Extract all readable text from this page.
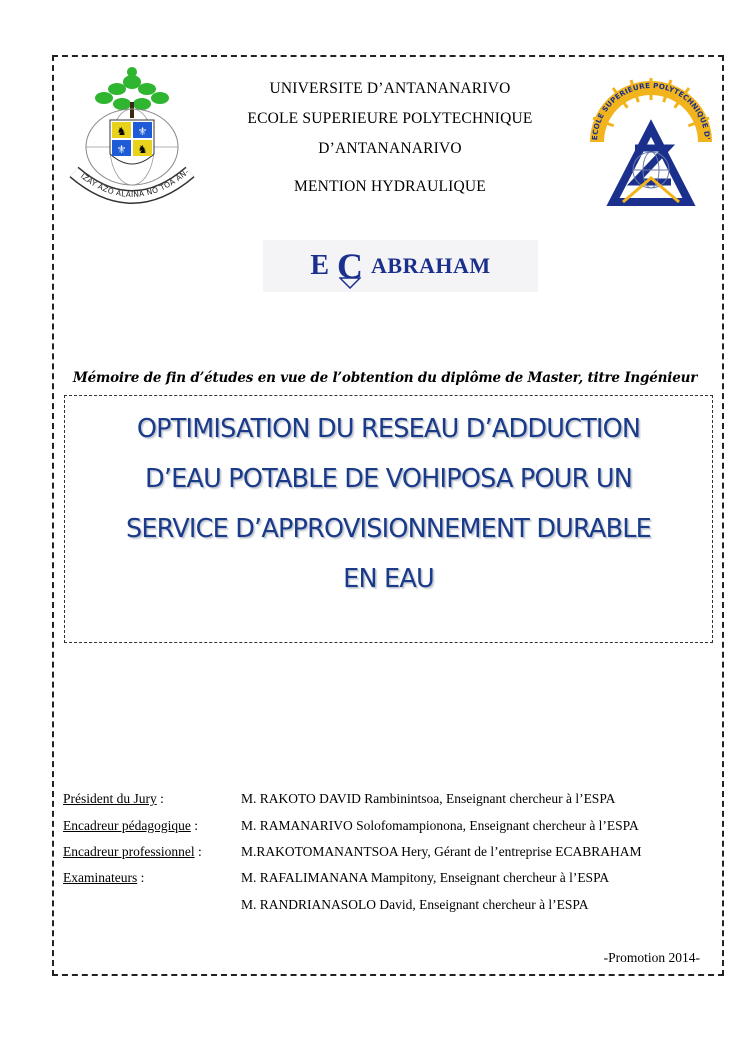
♞ ⚜
⚜ ♞
IZAY AZO ALAINA NO TOA AN-
ECOLE SUPERIEURE POLYTECHNIQUE D'
UNIVERSITE D’ANTANANARIVO
ECOLE SUPERIEURE POLYTECHNIQUE
D’ANTANANARIVO
MENTION HYDRAULIQUE
E C ABRAHAM
Mémoire de fin d’études en vue de l’obtention du diplôme de Master, titre Ingénieur
OPTIMISATION DU RESEAU D’ADDUCTION
D’EAU POTABLE DE VOHIPOSA POUR UN
SERVICE D’APPROVISIONNEMENT DURABLE
EN EAU
Président du Jury :	M. RAKOTO DAVID Rambinintsoa, Enseignant chercheur à l’ESPA
Encadreur pédagogique :	M. RAMANARIVO Solofomampionona, Enseignant chercheur à l’ESPA
Encadreur professionnel :	M.RAKOTOMANANTSOA Hery, Gérant de l’entreprise ECABRAHAM
Examinateurs :	M. RAFALIMANANA Mampitony, Enseignant chercheur à l’ESPA
M. RANDRIANASOLO David, Enseignant chercheur à l’ESPA
-Promotion 2014-
